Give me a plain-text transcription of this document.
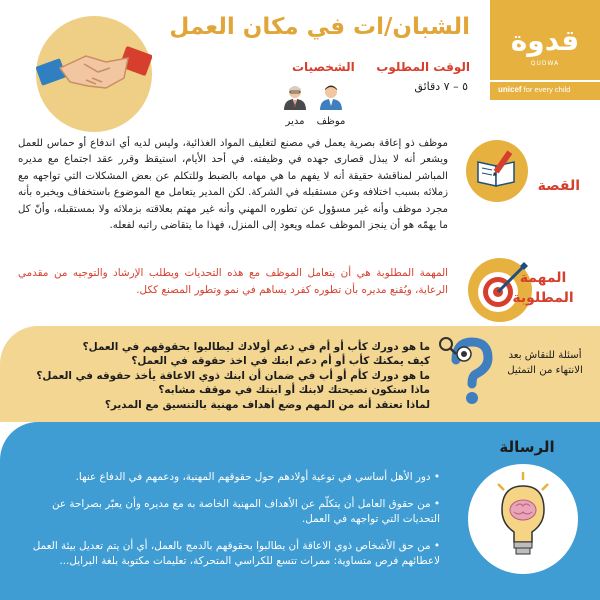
الشبان/ات في مكان العمل	قدوة
QUDWA
unicef for every child
الوقت المطلوب
٥ – ٧ دقائق
الشخصيات
موظف
مدير
موظف ذو إعاقة بصرية يعمل في مصنع لتغليف المواد الغذائية، وليس لديه أي اندفاع أو حماس للعمل ويشعر أنه لا يبذل قصارى جهده في وظيفته. في أحد الأيام، استيقظ وقرر عقد اجتماع مع مديره المباشر لمناقشة حقيقة أنه لا يفهم ما هي مهامه بالضبط وللتكلم عن بعض المشكلات التي تواجهه مع زملائه بسبب اختلافه وعن مستقبله في الشركة. لكن المدير يتعامل مع الموضوع باستخفاف ويخبره بأنه مجرد موظف وأنه غير مسؤول عن تطوره المهني وأنه غير مهتم بعلاقته بزملائه ولا بمستقبله، وأنّ كل ما يهمّه هو أن ينجز الموظف عمله ويعود إلى المنزل، فهذا ما يتقاضى راتبه لفعله.
القصة
المهمة المطلوبة هي أن يتعامل الموظف مع هذه التحديات ويطلب الإرشاد والتوجيه من مقدمي الرعاية، ويُقنع مديره بأن تطوره كفرد يساهم في نمو وتطور المصنع ككل.
المهمة
المطلوبة
ما هو دورك كأب أو أم في دعم أولادك ليطالبوا بحقوقهم في العمل؟
كيف يمكنك كأب أو أم دعم ابنك في اخذ حقوقه في العمل؟
ما هو دورك كأم أو أب في ضمان أن ابنك ذوي الاعاقة يأخذ حقوقه في العمل؟
ماذا ستكون نصيحتك لابنك أو ابنتك في موقف مشابه؟
لماذا تعتقد أنه من المهم وضع أهداف مهنية بالتنسيق مع المدير؟
أسئلة للنقاش بعد الانتهاء من التمثيل
الرسالة
• دور الأهل أساسي في توعية أولادهم حول حقوقهم المهنية، ودعمهم في الدفاع عنها.
• من حقوق العامل أن يتكلّم عن الأهداف المهنية الخاصة به مع مديره وأن يعبّر بصراحة عن التحديات التي تواجهه في العمل.
• من حق الأشخاص ذوي الاعاقة أن يطالبوا بحقوقهم بالدمج بالعمل، أي أن يتم تعديل بيئة العمل لاعطائهم فرص متساوية: ممرات تتسع للكراسي المتحركة، تعليمات مكتوبة بلغة البرايل...
